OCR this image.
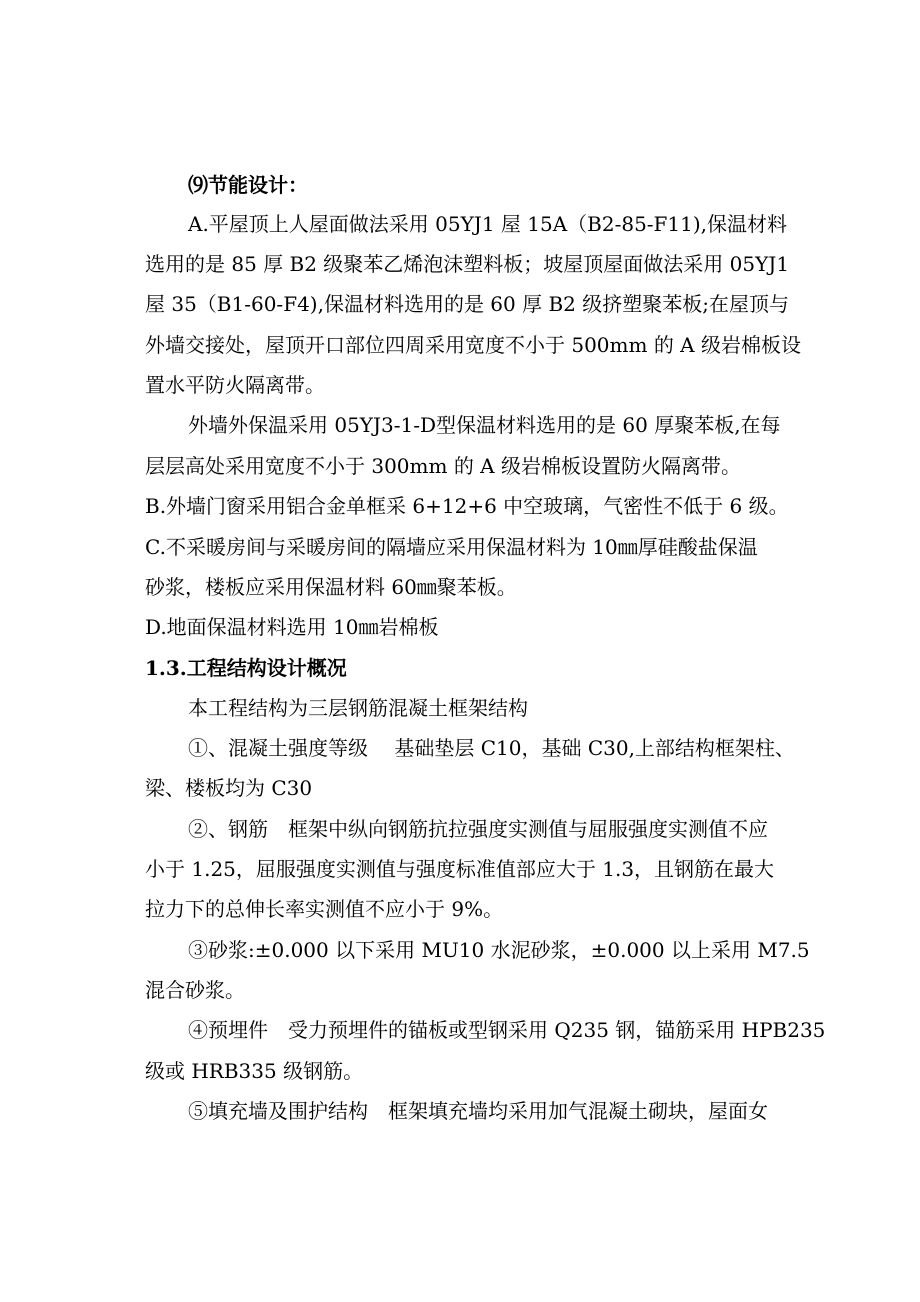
⑼节能设计：
A.平屋顶上人屋面做法采用 05YJ1 屋 15A（B2-85-F11),保温材料
选用的是 85 厚 B2 级聚苯乙烯泡沫塑料板；坡屋顶屋面做法采用 05YJ1
屋 35（B1-60-F4),保温材料选用的是 60 厚 B2 级挤塑聚苯板;在屋顶与
外墙交接处，屋顶开口部位四周采用宽度不小于 500mm 的 A 级岩棉板设
置水平防火隔离带。
外墙外保温采用 05YJ3-1-D型保温材料选用的是 60 厚聚苯板,在每
层层高处采用宽度不小于 300mm 的 A 级岩棉板设置防火隔离带。
B.外墙门窗采用铝合金单框采 6+12+6 中空玻璃，气密性不低于 6 级。
C.不采暖房间与采暖房间的隔墙应采用保温材料为 10㎜厚硅酸盐保温
砂浆，楼板应采用保温材料 60㎜聚苯板。
D.地面保温材料选用 10㎜岩棉板
1.3.工程结构设计概况
本工程结构为三层钢筋混凝土框架结构
①、混凝土强度等级　 基础垫层 C10，基础 C30,上部结构框架柱、
梁、楼板均为 C30
②、钢筋　框架中纵向钢筋抗拉强度实测值与屈服强度实测值不应
小于 1.25，屈服强度实测值与强度标准值部应大于 1.3，且钢筋在最大
拉力下的总伸长率实测值不应小于 9%。
③砂浆:±0.000 以下采用 MU10 水泥砂浆，±0.000 以上采用 M7.5
混合砂浆。
④预埋件　受力预埋件的锚板或型钢采用 Q235 钢，锚筋采用 HPB235
级或 HRB335 级钢筋。
⑤填充墙及围护结构　框架填充墙均采用加气混凝土砌块，屋面女
